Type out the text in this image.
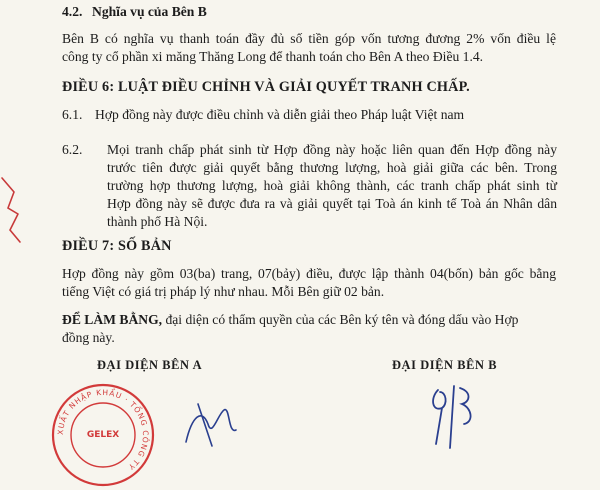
4.2. Nghĩa vụ của Bên B
Bên B có nghĩa vụ thanh toán đầy đủ số tiền góp vốn tương đương 2% vốn điều lệ
công ty cổ phần xi măng Thăng Long để thanh toán cho Bên A theo Điều 1.4.
ĐIỀU 6: LUẬT ĐIỀU CHỈNH VÀ GIẢI QUYẾT TRANH CHẤP.
6.1. Hợp đồng này được điều chỉnh và diễn giải theo Pháp luật Việt nam
6.2. Mọi tranh chấp phát sinh từ Hợp đồng này hoặc liên quan đến Hợp đồng này
trước tiên được giải quyết bằng thương lượng, hoà giải giữa các bên. Trong
trường hợp thương lượng, hoà giải không thành, các tranh chấp phát sinh từ
Hợp đồng này sẽ được đưa ra và giải quyết tại Toà án kinh tế Toà án Nhân dân
thành phố Hà Nội.
ĐIỀU 7: SỐ BẢN
Hợp đồng này gồm 03(ba) trang, 07(bảy) điều, được lập thành 04(bốn) bản gốc bằng
tiếng Việt có giá trị pháp lý như nhau. Mỗi Bên giữ 02 bản.
ĐỂ LÀM BẰNG, đại diện có thẩm quyền của các Bên ký tên và đóng dấu vào Hợp
đồng này.
ĐẠI DIỆN BÊN A	ĐẠI DIỆN BÊN B
XUẤT NHẬP KHẨU · TỔNG CÔNG TY
GELEX
